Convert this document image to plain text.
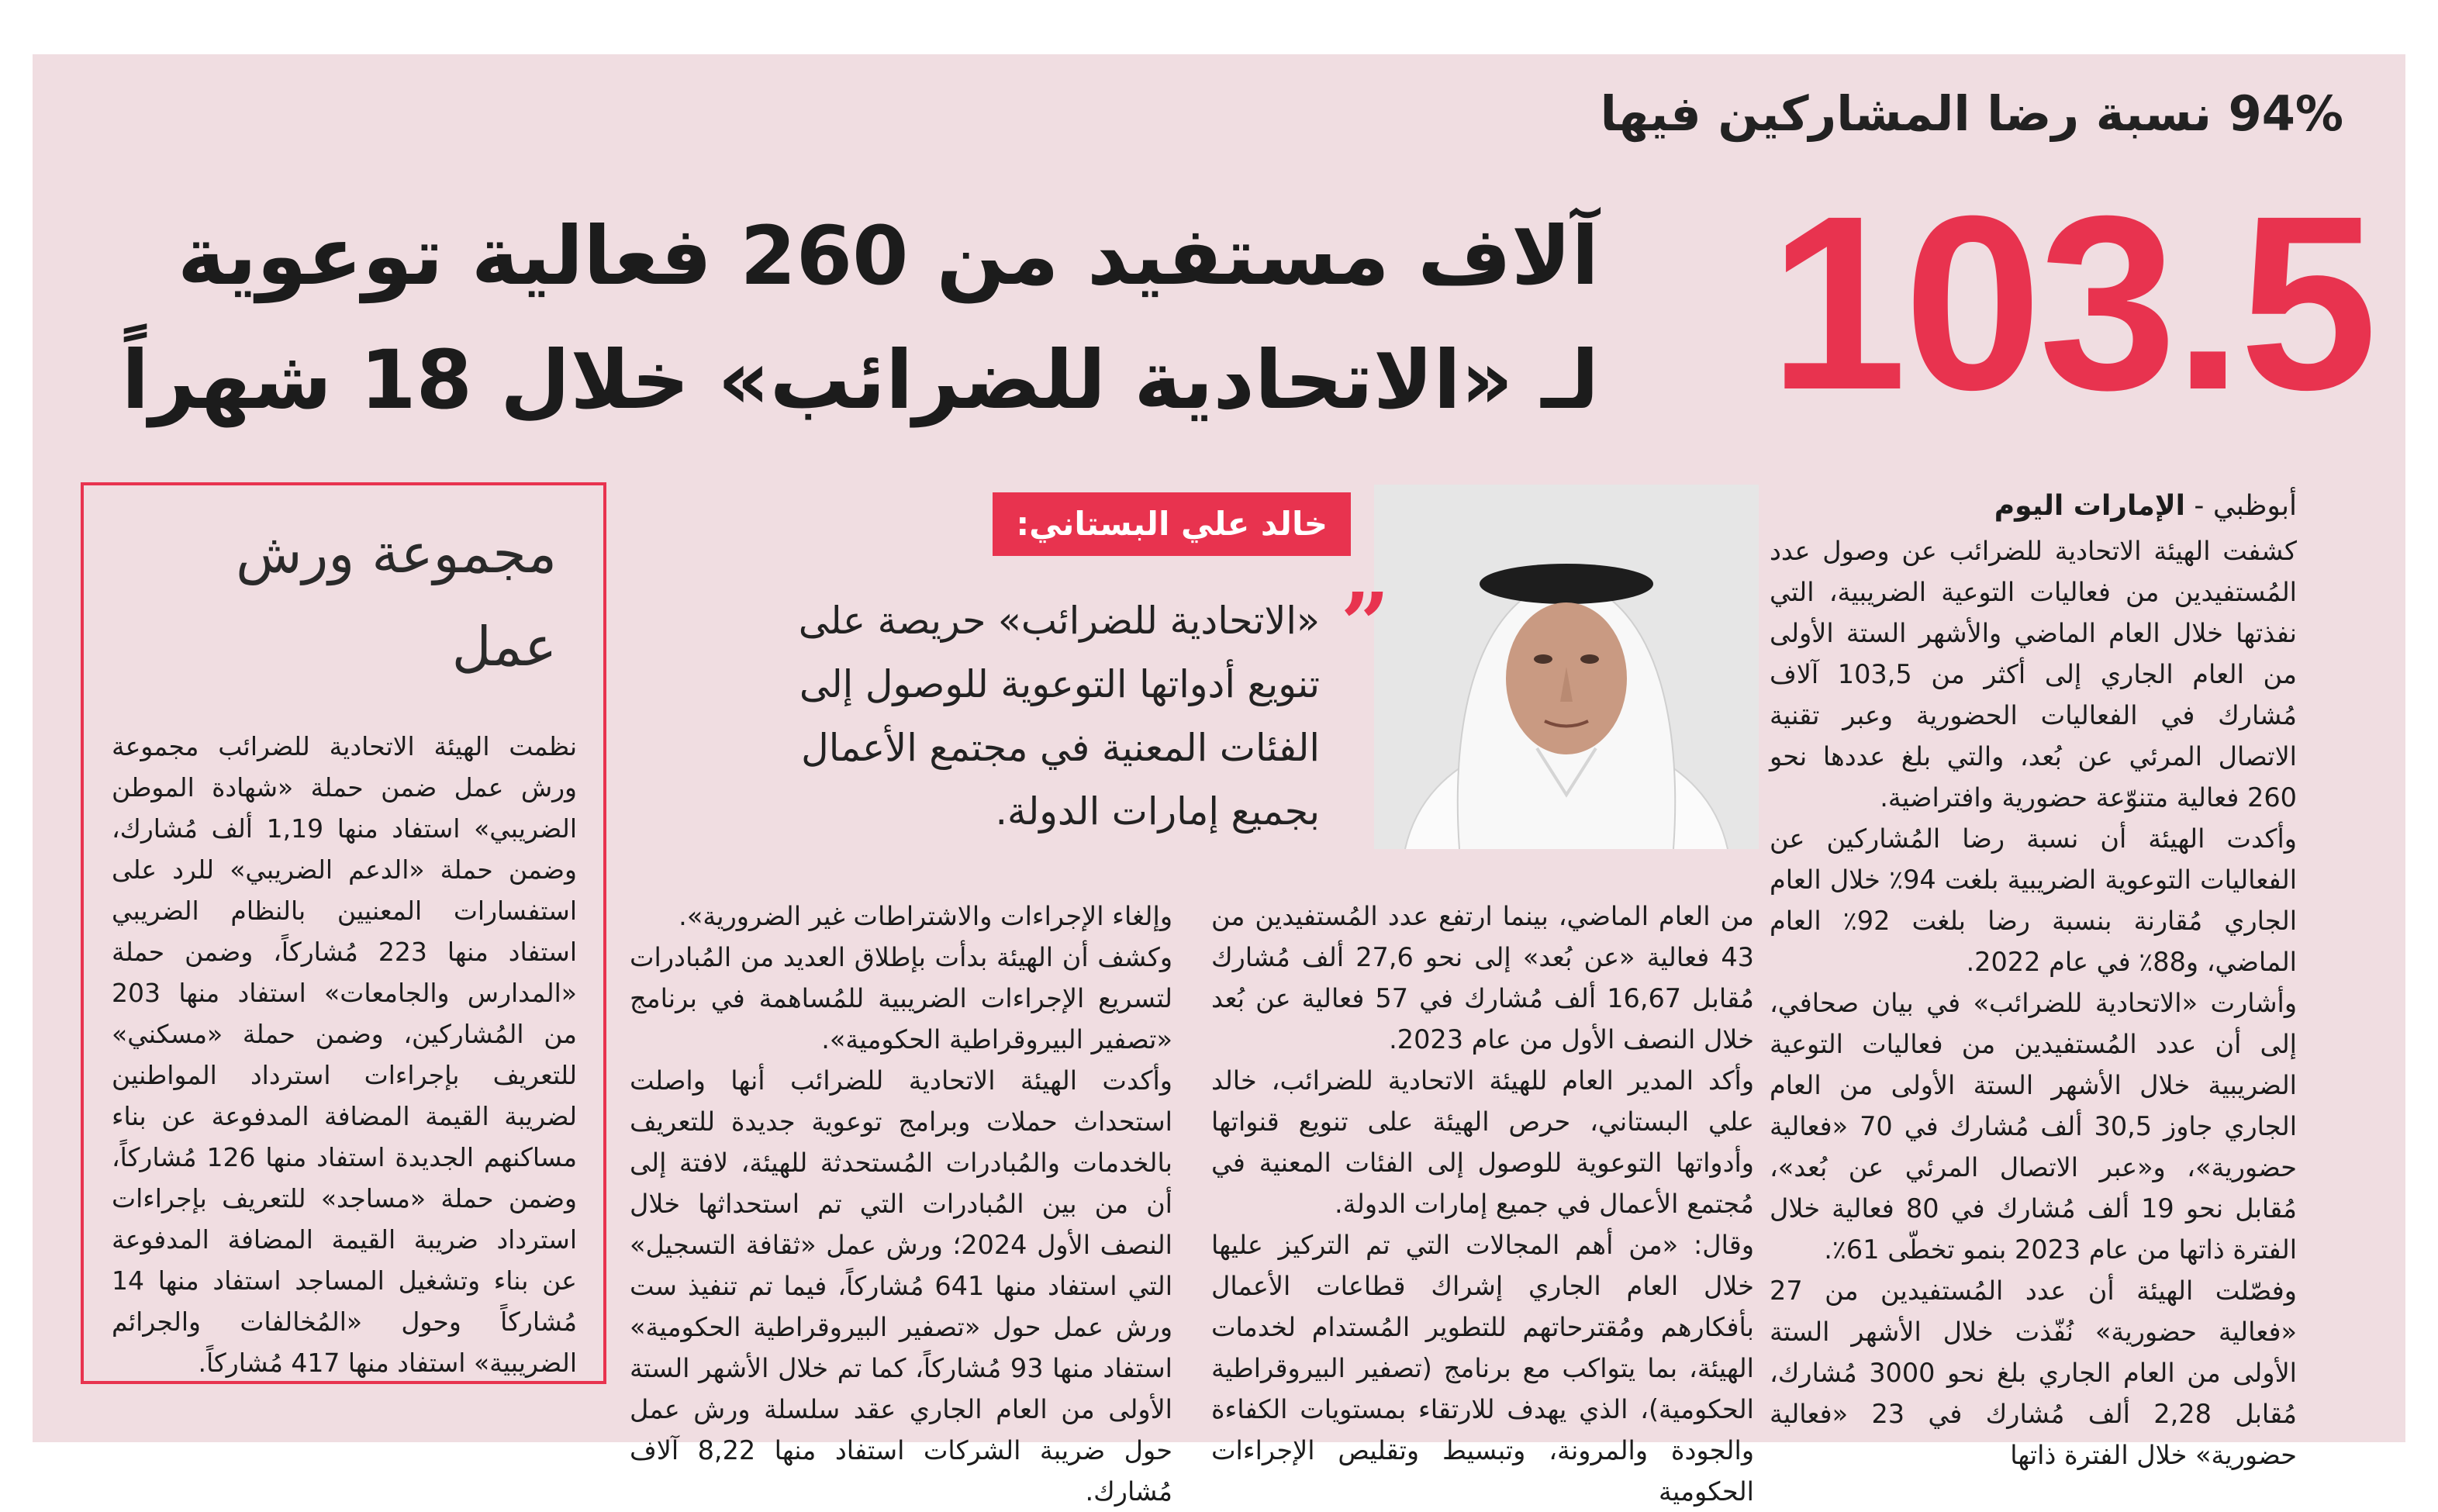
94% نسبة رضا المشاركين فيها
103.5
آلاف مستفيد من 260 فعالية توعوية
لـ «الاتحادية للضرائب» خلال 18 شهراً
أبوظبي - الإمارات اليوم

كشفت الهيئة الاتحادية للضرائب عن وصول عدد المُستفيدين من فعاليات التوعية الضريبية، التي نفذتها خلال العام الماضي والأشهر الستة الأولى من العام الجاري إلى أكثر من 103,5 آلاف مُشارك في الفعاليات الحضورية وعبر تقنية الاتصال المرئي عن بُعد، والتي بلغ عددها نحو 260 فعالية متنوّعة حضورية وافتراضية.

وأكدت الهيئة أن نسبة رضا المُشاركين عن الفعاليات التوعوية الضريبية بلغت 94٪ خلال العام الجاري مُقارنة بنسبة رضا بلغت 92٪ العام الماضي، و88٪ في عام 2022.

وأشارت «الاتحادية للضرائب» في بيان صحافي، إلى أن عدد المُستفيدين من فعاليات التوعية الضريبية خلال الأشهر الستة الأولى من العام الجاري جاوز 30,5 ألف مُشارك في 70 «فعالية حضورية»، و«عبر الاتصال المرئي عن بُعد»، مُقابل نحو 19 ألف مُشارك في 80 فعالية خلال الفترة ذاتها من عام 2023 بنمو تخطّى 61٪.

وفصّلت الهيئة أن عدد المُستفيدين من 27 «فعالية حضورية» نُفّذت خلال الأشهر الستة الأولى من العام الجاري بلغ نحو 3000 مُشارك، مُقابل 2,28 ألف مُشارك في 23 «فعالية حضورية» خلال الفترة ذاتها

خالد علي البستاني:
”
«الاتحادية للضرائب» حريصة على تنويع أدواتها التوعوية للوصول إلى الفئات المعنية في مجتمع الأعمال بجميع إمارات الدولة.

من العام الماضي، بينما ارتفع عدد المُستفيدين من 43 فعالية «عن بُعد» إلى نحو 27,6 ألف مُشارك مُقابل 16,67 ألف مُشارك في 57 فعالية عن بُعد خلال النصف الأول من عام 2023.

وأكد المدير العام للهيئة الاتحادية للضرائب، خالد علي البستاني، حرص الهيئة على تنويع قنواتها وأدواتها التوعوية للوصول إلى الفئات المعنية في مُجتمع الأعمال في جميع إمارات الدولة.

وقال: «من أهم المجالات التي تم التركيز عليها خلال العام الجاري إشراك قطاعات الأعمال بأفكارهم ومُقترحاتهم للتطوير المُستدام لخدمات الهيئة، بما يتواكب مع برنامج (تصفير البيروقراطية الحكومية)، الذي يهدف للارتقاء بمستويات الكفاءة والجودة والمرونة، وتبسيط وتقليص الإجراءات الحكومية

وإلغاء الإجراءات والاشتراطات غير الضرورية».

وكشف أن الهيئة بدأت بإطلاق العديد من المُبادرات لتسريع الإجراءات الضريبية للمُساهمة في برنامج «تصفير البيروقراطية الحكومية».

وأكدت الهيئة الاتحادية للضرائب أنها واصلت استحداث حملات وبرامج توعوية جديدة للتعريف بالخدمات والمُبادرات المُستحدثة للهيئة، لافتة إلى أن من بين المُبادرات التي تم استحداثها خلال النصف الأول 2024؛ ورش عمل «ثقافة التسجيل» التي استفاد منها 641 مُشاركاً، فيما تم تنفيذ ست ورش عمل حول «تصفير البيروقراطية الحكومية» استفاد منها 93 مُشاركاً، كما تم خلال الأشهر الستة الأولى من العام الجاري عقد سلسلة ورش عمل حول ضريبة الشركات استفاد منها 8,22 آلاف مُشارك.

مجموعة ورش
عمل
نظمت الهيئة الاتحادية للضرائب مجموعة ورش عمل ضمن حملة «شهادة الموطن الضريبي» استفاد منها 1,19 ألف مُشارك، وضمن حملة «الدعم الضريبي» للرد على استفسارات المعنيين بالنظام الضريبي استفاد منها 223 مُشاركاً، وضمن حملة «المدارس والجامعات» استفاد منها 203 من المُشاركين، وضمن حملة «مسكني» للتعريف بإجراءات استرداد المواطنين لضريبة القيمة المضافة المدفوعة عن بناء مساكنهم الجديدة استفاد منها 126 مُشاركاً، وضمن حملة «مساجد» للتعريف بإجراءات استرداد ضريبة القيمة المضافة المدفوعة عن بناء وتشغيل المساجد استفاد منها 14 مُشاركاً وحول «المُخالفات والجرائم الضريبية» استفاد منها 417 مُشاركاً.
